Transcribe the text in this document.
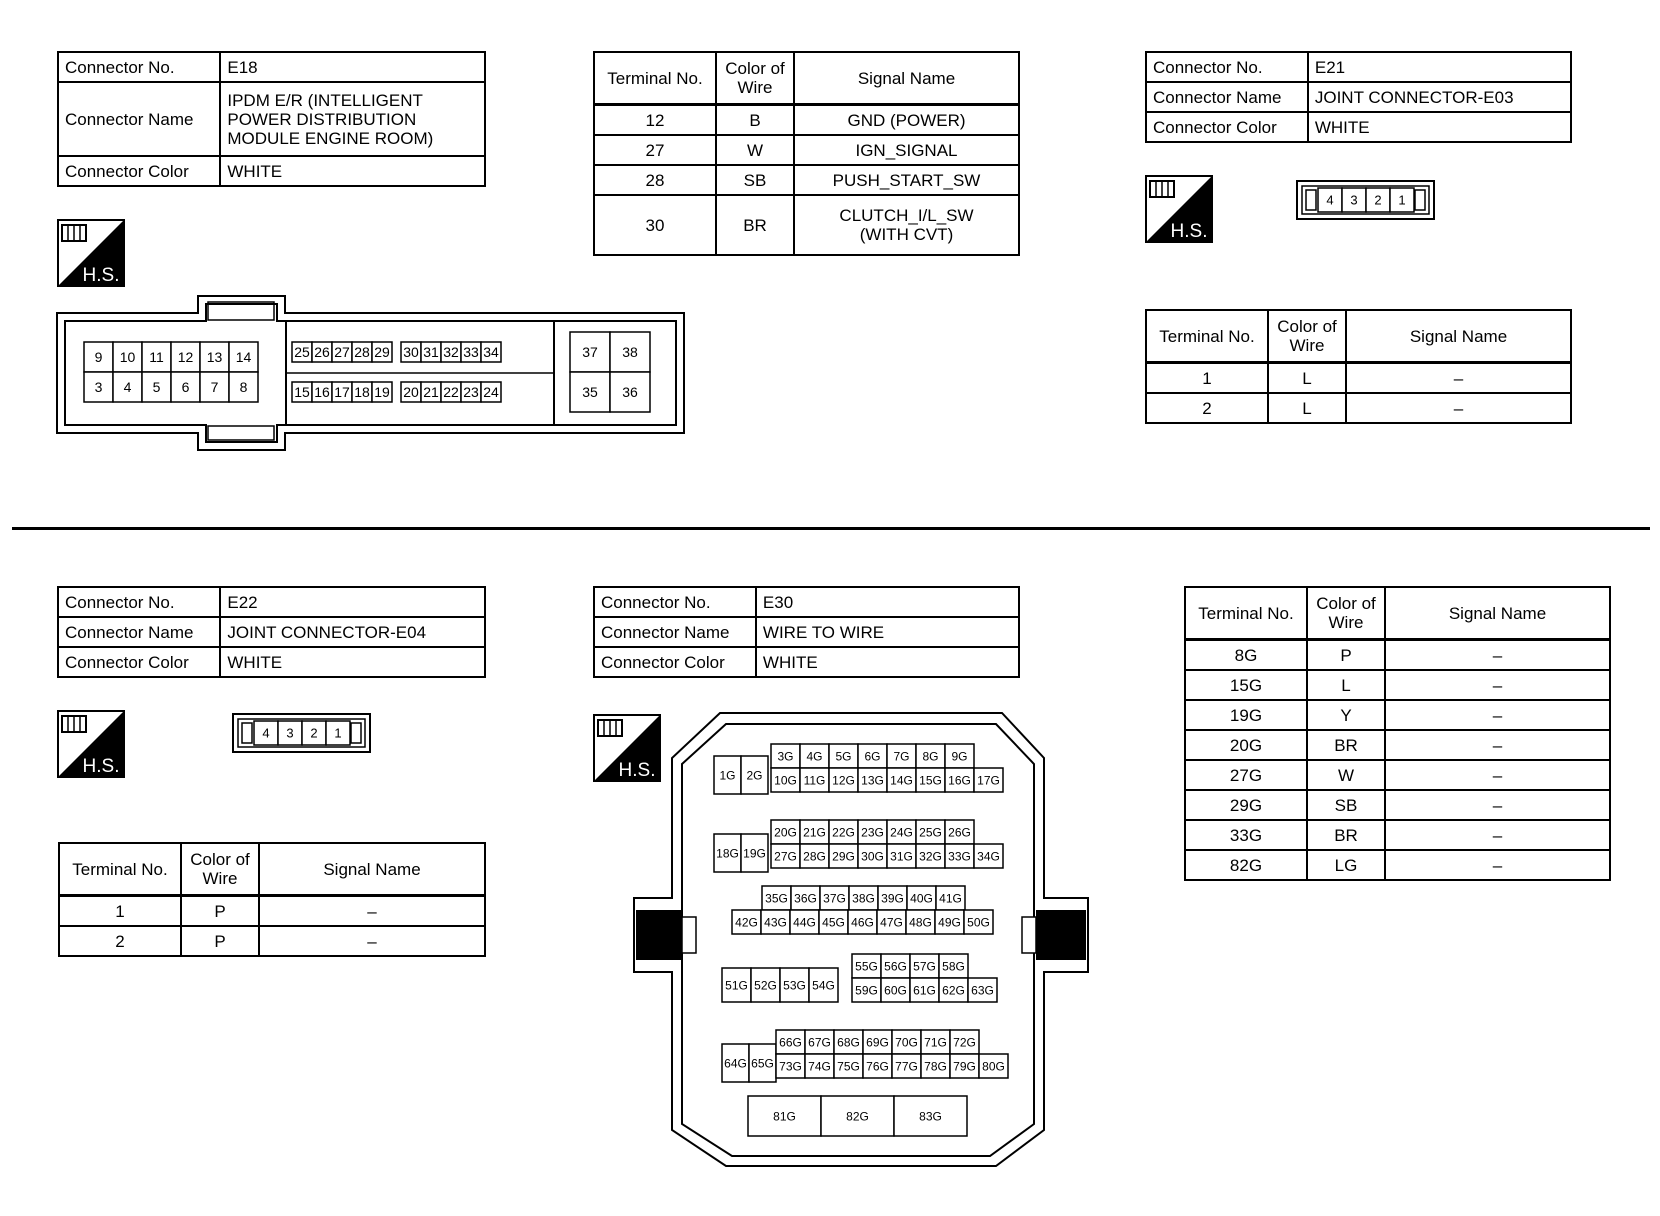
Connector No.	E18
Connector Name	IPDM E/R (INTELLIGENT POWER DISTRIBUTION MODULE ENGINE ROOM)
Connector Color	WHITE
H.S.
9 10 11 12 13 14
3 4 5 6 7 8
25 26 27 28 29 30 31 32 33 34
15 16 17 18 19 20 21 22 23 24
37 38
35 36
Terminal No.	Color of Wire	Signal Name
12	B	GND (POWER)
27	W	IGN_SIGNAL
28	SB	PUSH_START_SW
30	BR	CLUTCH_I/L_SW (WITH CVT)
Connector No.	E21
Connector Name	JOINT CONNECTOR-E03
Connector Color	WHITE
H.S.
4 3 2 1
Terminal No.	Color of Wire	Signal Name
1	L	–
2	L	–
Connector No.	E22
Connector Name	JOINT CONNECTOR-E04
Connector Color	WHITE
H.S.
4 3 2 1
Terminal No.	Color of Wire	Signal Name
1	P	–
2	P	–
Connector No.	E30
Connector Name	WIRE TO WIRE
Connector Color	WHITE
H.S.	1G 2G
3G 4G 5G 6G 7G 8G 9G
10G 11G 12G 13G 14G 15G 16G 17G
18G 19G
20G 21G 22G 23G 24G 25G 26G
27G 28G 29G 30G 31G 32G 33G 34G
35G 36G 37G 38G 39G 40G 41G
42G 43G 44G 45G 46G 47G 48G 49G 50G
51G 52G 53G 54G
55G 56G 57G 58G
59G 60G 61G 62G 63G
64G 65G
66G 67G 68G 69G 70G 71G 72G
73G 74G 75G 76G 77G 78G 79G 80G
81G	82G	83G
Terminal No.	Color of Wire	Signal Name
8G	P	–
15G	L	–
19G	Y	–
20G	BR	–
27G	W	–
29G	SB	–
33G	BR	–
82G	LG	–
